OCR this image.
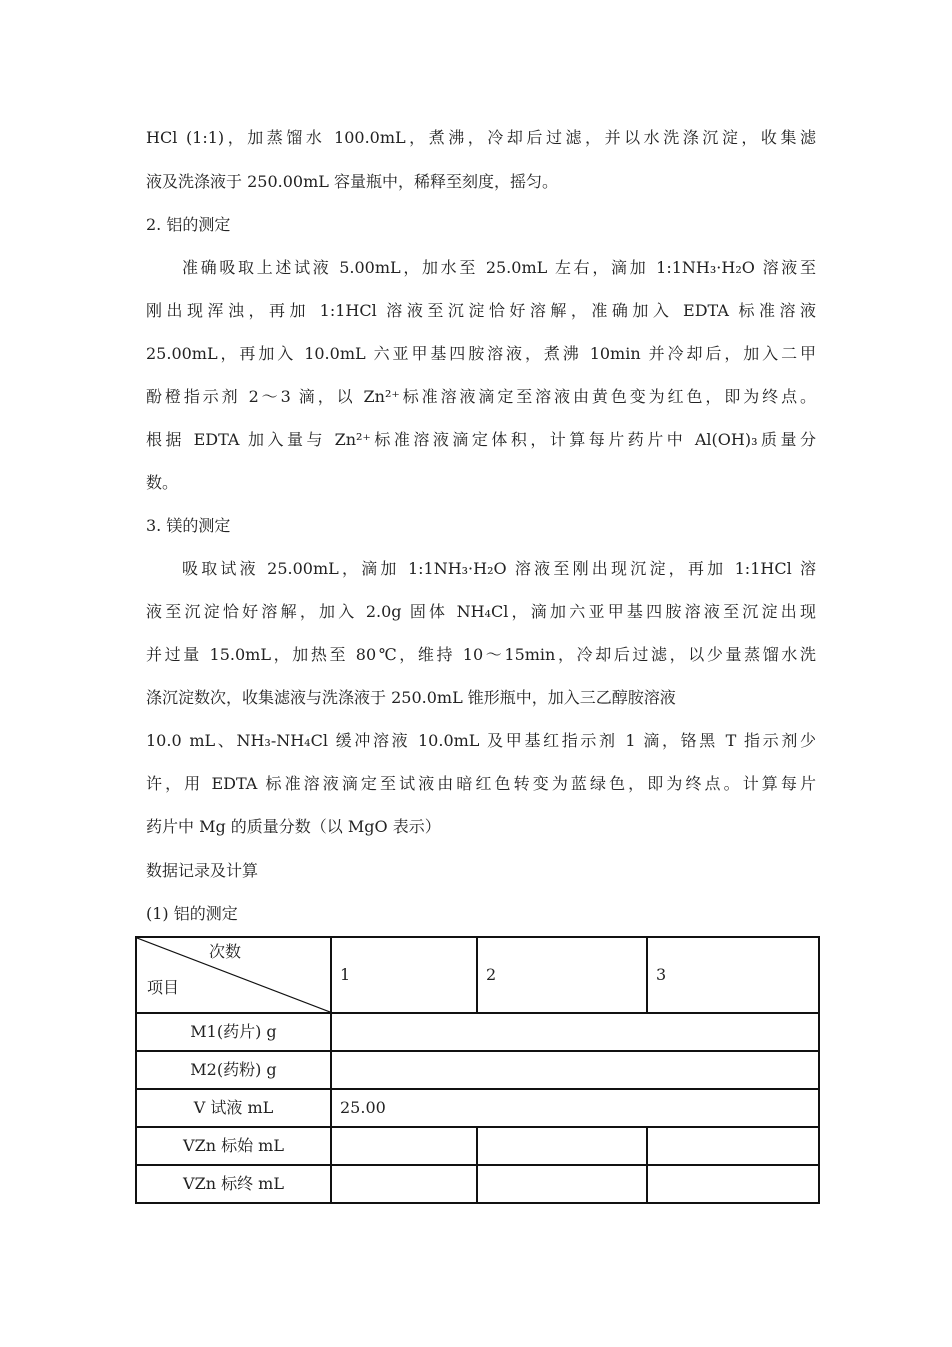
HCl (1:1)，加蒸馏水 100.0mL，煮沸，冷却后过滤，并以水洗涤沉淀，收集滤
液及洗涤液于 250.00mL 容量瓶中，稀释至刻度，摇匀。
2. 铝的测定
准确吸取上述试液 5.00mL，加水至 25.0mL 左右，滴加 1:1NH₃·H₂O 溶液至
刚出现浑浊，再加 1:1HCl 溶液至沉淀恰好溶解，准确加入 EDTA 标准溶液
25.00mL，再加入 10.0mL 六亚甲基四胺溶液，煮沸 10min 并冷却后，加入二甲
酚橙指示剂 2～3 滴，以 Zn²⁺标准溶液滴定至溶液由黄色变为红色，即为终点。
根据 EDTA 加入量与 Zn²⁺标准溶液滴定体积，计算每片药片中 Al(OH)₃质量分
数。
3. 镁的测定
吸取试液 25.00mL，滴加 1:1NH₃·H₂O 溶液至刚出现沉淀，再加 1:1HCl 溶
液至沉淀恰好溶解，加入 2.0g 固体 NH₄Cl，滴加六亚甲基四胺溶液至沉淀出现
并过量 15.0mL，加热至 80℃，维持 10～15min，冷却后过滤，以少量蒸馏水洗
涤沉淀数次，收集滤液与洗涤液于 250.0mL 锥形瓶中，加入三乙醇胺溶液
10.0 mL、NH₃-NH₄Cl 缓冲溶液 10.0mL 及甲基红指示剂 1 滴，铬黑 T 指示剂少
许，用 EDTA 标准溶液滴定至试液由暗红色转变为蓝绿色，即为终点。计算每片
药片中 Mg 的质量分数（以 MgO 表示）
数据记录及计算
(1) 铝的测定
次数
项目	1	2	3
M1(药片) g			
M2(药粉) g			
V 试液 mL	25.00		
VZn 标始 mL			
VZn 标终 mL			
